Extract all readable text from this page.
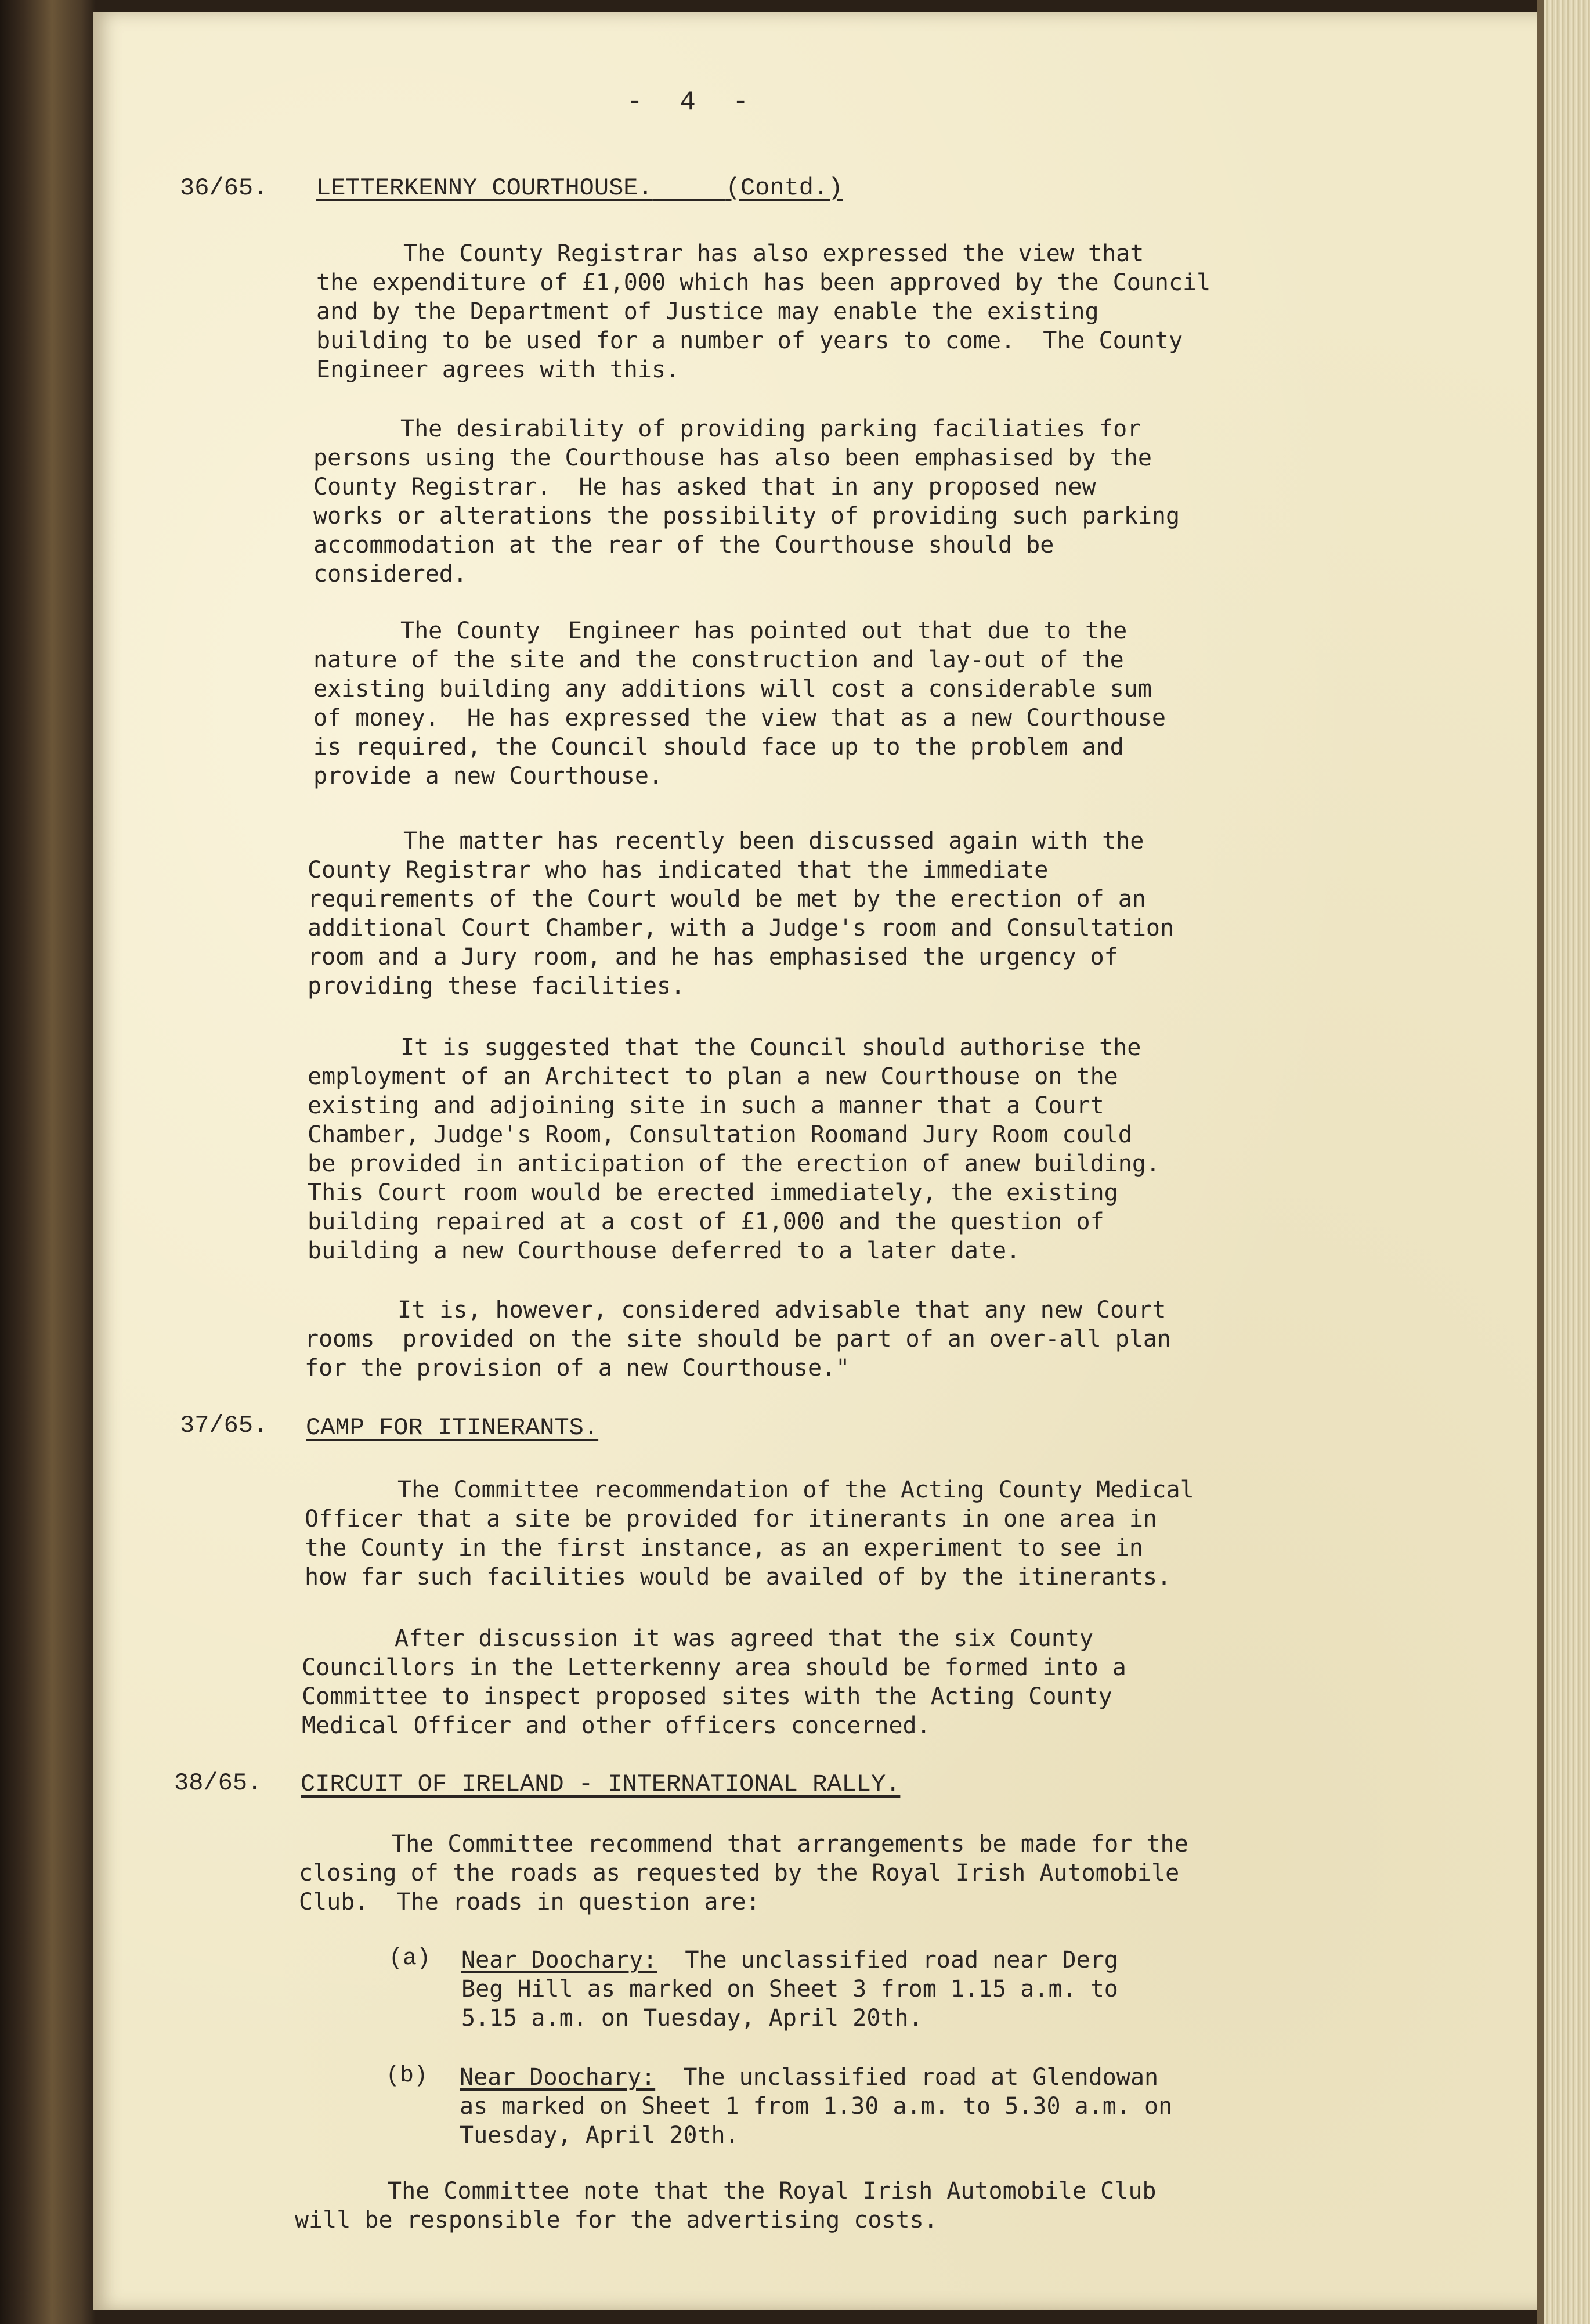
- 4 -
36/65. LETTERKENNY COURTHOUSE.	(Contd.)
The County Registrar has also expressed the view that
the expenditure of £1,000 which has been approved by the Council
and by the Department of Justice may enable the existing
building to be used for a number of years to come.  The County
Engineer agrees with this.
The desirability of providing parking faciliaties for
persons using the Courthouse has also been emphasised by the
County Registrar.  He has asked that in any proposed new
works or alterations the possibility of providing such parking
accommodation at the rear of the Courthouse should be
considered.
The County  Engineer has pointed out that due to the
nature of the site and the construction and lay-out of the
existing building any additions will cost a considerable sum
of money.  He has expressed the view that as a new Courthouse
is required, the Council should face up to the problem and
provide a new Courthouse.
The matter has recently been discussed again with the
County Registrar who has indicated that the immediate
requirements of the Court would be met by the erection of an
additional Court Chamber, with a Judge's room and Consultation
room and a Jury room, and he has emphasised the urgency of
providing these facilities.
It is suggested that the Council should authorise the
employment of an Architect to plan a new Courthouse on the
existing and adjoining site in such a manner that a Court
Chamber, Judge's Room, Consultation Roomand Jury Room could
be provided in anticipation of the erection of anew building.
This Court room would be erected immediately, the existing
building repaired at a cost of £1,000 and the question of
building a new Courthouse deferred to a later date.
It is, however, considered advisable that any new Court
rooms  provided on the site should be part of an over-all plan
for the provision of a new Courthouse."
37/65. CAMP FOR ITINERANTS.
The Committee recommendation of the Acting County Medical
Officer that a site be provided for itinerants in one area in
the County in the first instance, as an experiment to see in
how far such facilities would be availed of by the itinerants.
After discussion it was agreed that the six County
Councillors in the Letterkenny area should be formed into a
Committee to inspect proposed sites with the Acting County
Medical Officer and other officers concerned.
38/65. CIRCUIT OF IRELAND - INTERNATIONAL RALLY.
The Committee recommend that arrangements be made for the
closing of the roads as requested by the Royal Irish Automobile
Club.  The roads in question are:
(a) Near Doochary:  The unclassified road near Derg
Beg Hill as marked on Sheet 3 from 1.15 a.m. to
5.15 a.m. on Tuesday, April 20th.
(b) Near Doochary:  The unclassified road at Glendowan
as marked on Sheet 1 from 1.30 a.m. to 5.30 a.m. on
Tuesday, April 20th.
The Committee note that the Royal Irish Automobile Club
will be responsible for the advertising costs.
